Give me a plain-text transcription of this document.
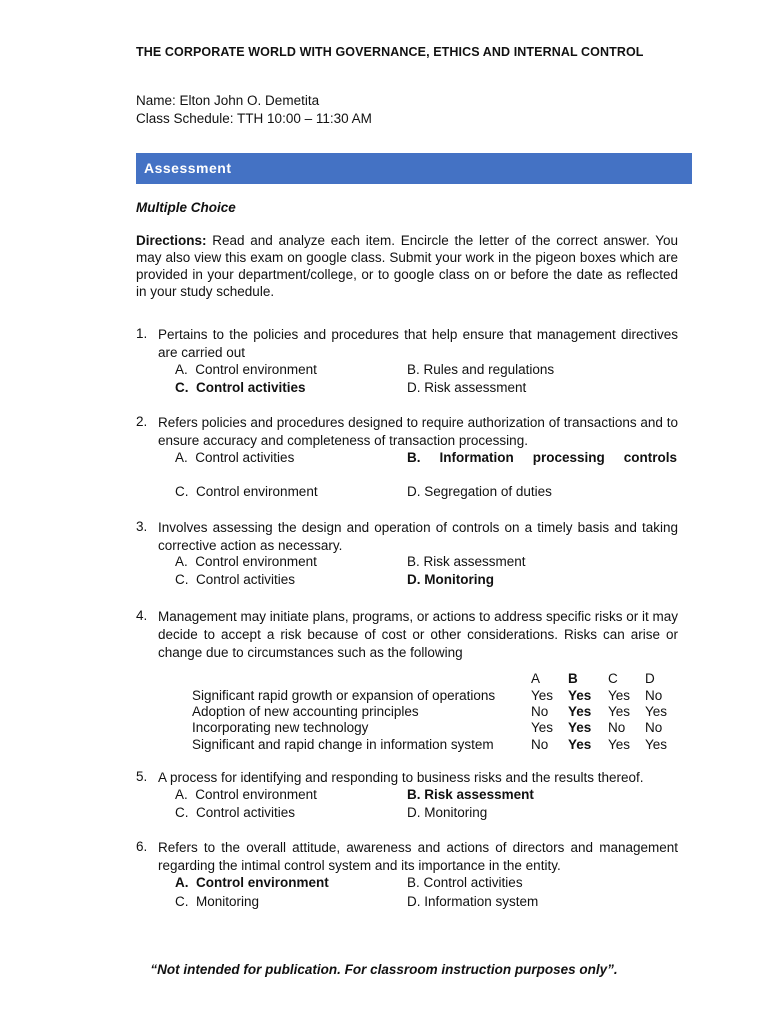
THE CORPORATE WORLD WITH GOVERNANCE, ETHICS AND INTERNAL CONTROL
Name: Elton John O. Demetita
Class Schedule: TTH 10:00 – 11:30 AM
Assessment
Multiple Choice
Directions: Read and analyze each item. Encircle the letter of the correct answer. You may also view this exam on google class. Submit your work in the pigeon boxes which are provided in your department/college, or to google class on or before the date as reflected in your study schedule.
1. Pertains to the policies and procedures that help ensure that management directives are carried out
A. Control environment	B. Rules and regulations
C. Control activities	D. Risk assessment
2. Refers policies and procedures designed to require authorization of transactions and to ensure accuracy and completeness of transaction processing.
A. Control activities	B. Information processing controls
C. Control environment	D. Segregation of duties
3. Involves assessing the design and operation of controls on a timely basis and taking corrective action as necessary.
A. Control environment	B. Risk assessment
C. Control activities	D. Monitoring
4. Management may initiate plans, programs, or actions to address specific risks or it may decide to accept a risk because of cost or other considerations. Risks can arise or change due to circumstances such as the following
A B C D
Significant rapid growth or expansion of operations	Yes Yes Yes No
Adoption of new accounting principles	No Yes Yes Yes
Incorporating new technology	Yes Yes No No
Significant and rapid change in information system	No Yes Yes Yes
5. A process for identifying and responding to business risks and the results thereof.
A. Control environment	B. Risk assessment
C. Control activities	D. Monitoring
6. Refers to the overall attitude, awareness and actions of directors and management regarding the intimal control system and its importance in the entity.
A. Control environment	B. Control activities
C. Monitoring	D. Information system
“Not intended for publication. For classroom instruction purposes only”.
